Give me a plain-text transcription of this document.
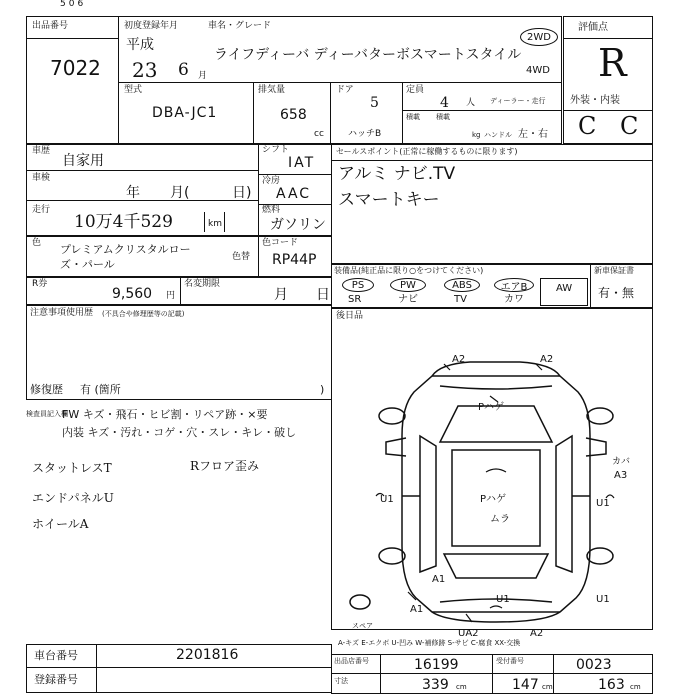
506
出品番号
7022
初度登録年月	車名・グレード
平成
23 6 月
ライフディーバ ディーバターボスマートスタイル
2WD
4WD
評価点
R
外装・内装
C C
型式
DBA-JC1
排気量
658
cc
ドア
5
ハッチB
定員
4 人 ディーラー・走行
積載 積載
kg ハンドル 左・右
車歴
自家用
車検
年 月(	日)
走行
10万4千529	km
シフト
IAT
冷房
AAC
燃料
ガソリン
セールスポイント(正常に稼働するものに限ります)
アルミ ナビ.TV
スマートキー
色 プレミアムクリスタルロー
ズ・パール
色替
色コード
RP44P
R券
9,560 円
名変期限
月 日
装備品(純正品に限り○をつけてください)
PS
SR
PW
ナビ
ABS
TV
エアB
カワ
AW
新車保証書
有・無
注意事項使用歴 (不具合や修理歴等の記載)
修復歴 有 (箇所	)
検査員記入欄
FW キズ・飛石・ヒビ割・リペア跡・×要
内装 キズ・汚れ・コゲ・穴・スレ・キレ・破し
スタットレスT
エンドパネルU
ホイールA
Rフロア歪み
後日品
A2	A2
Pハゲ
Pハゲ
ムラ
U1	U1
カバ
A3
A1
A1
U1	U1
UA2	A2
スペア
A-キズ E-エクボ U-凹み W-補修跡 S-サビ C-腐食 XX-交換
車台番号	2201816
登録番号
出品店番号	16199	受付番号	0023
寸法	339 cm	147 cm	163 cm
